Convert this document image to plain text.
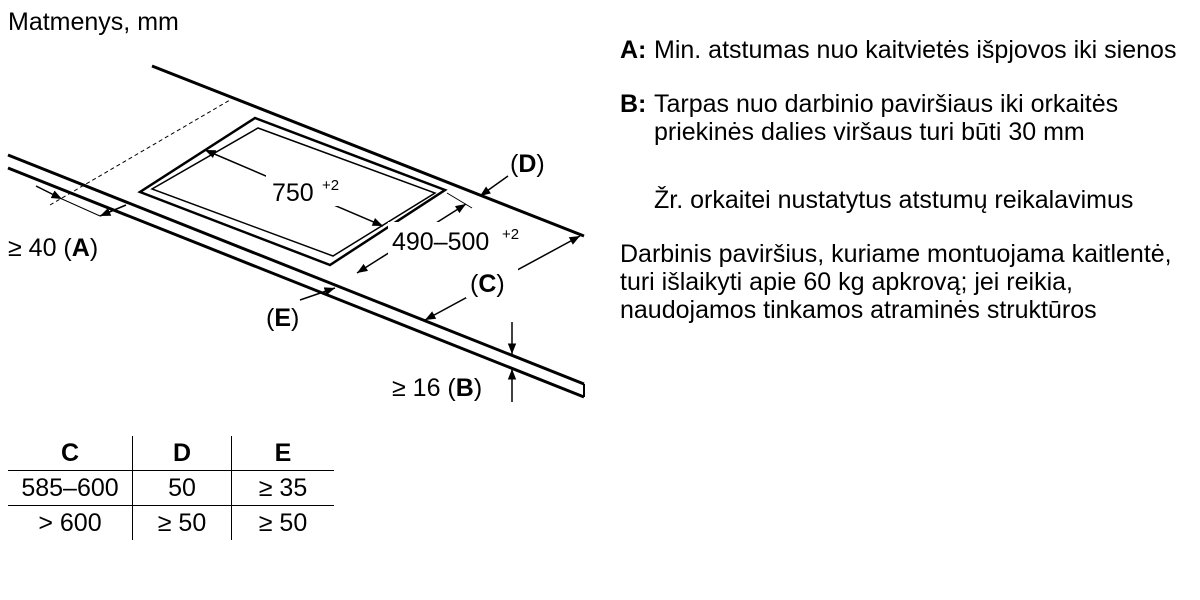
Matmenys, mm
750 +2
490–500 +2
≥ 40 (A)
(D)
(C)
(E)
≥ 16 (B)
A: Min. atstumas nuo kaitvietės išpjovos iki sienos
B: Tarpas nuo darbinio paviršiaus iki orkaitės priekinės dalies viršaus turi būti 30 mm
Žr. orkaitei nustatytus atstumų reikalavimus
Darbinis paviršius, kuriame montuojama kaitlentė, turi išlaikyti apie 60 kg apkrovą; jei reikia, naudojamos tinkamos atraminės struktūros
C	D	E
585–600	50	≥ 35
> 600	≥ 50	≥ 50
